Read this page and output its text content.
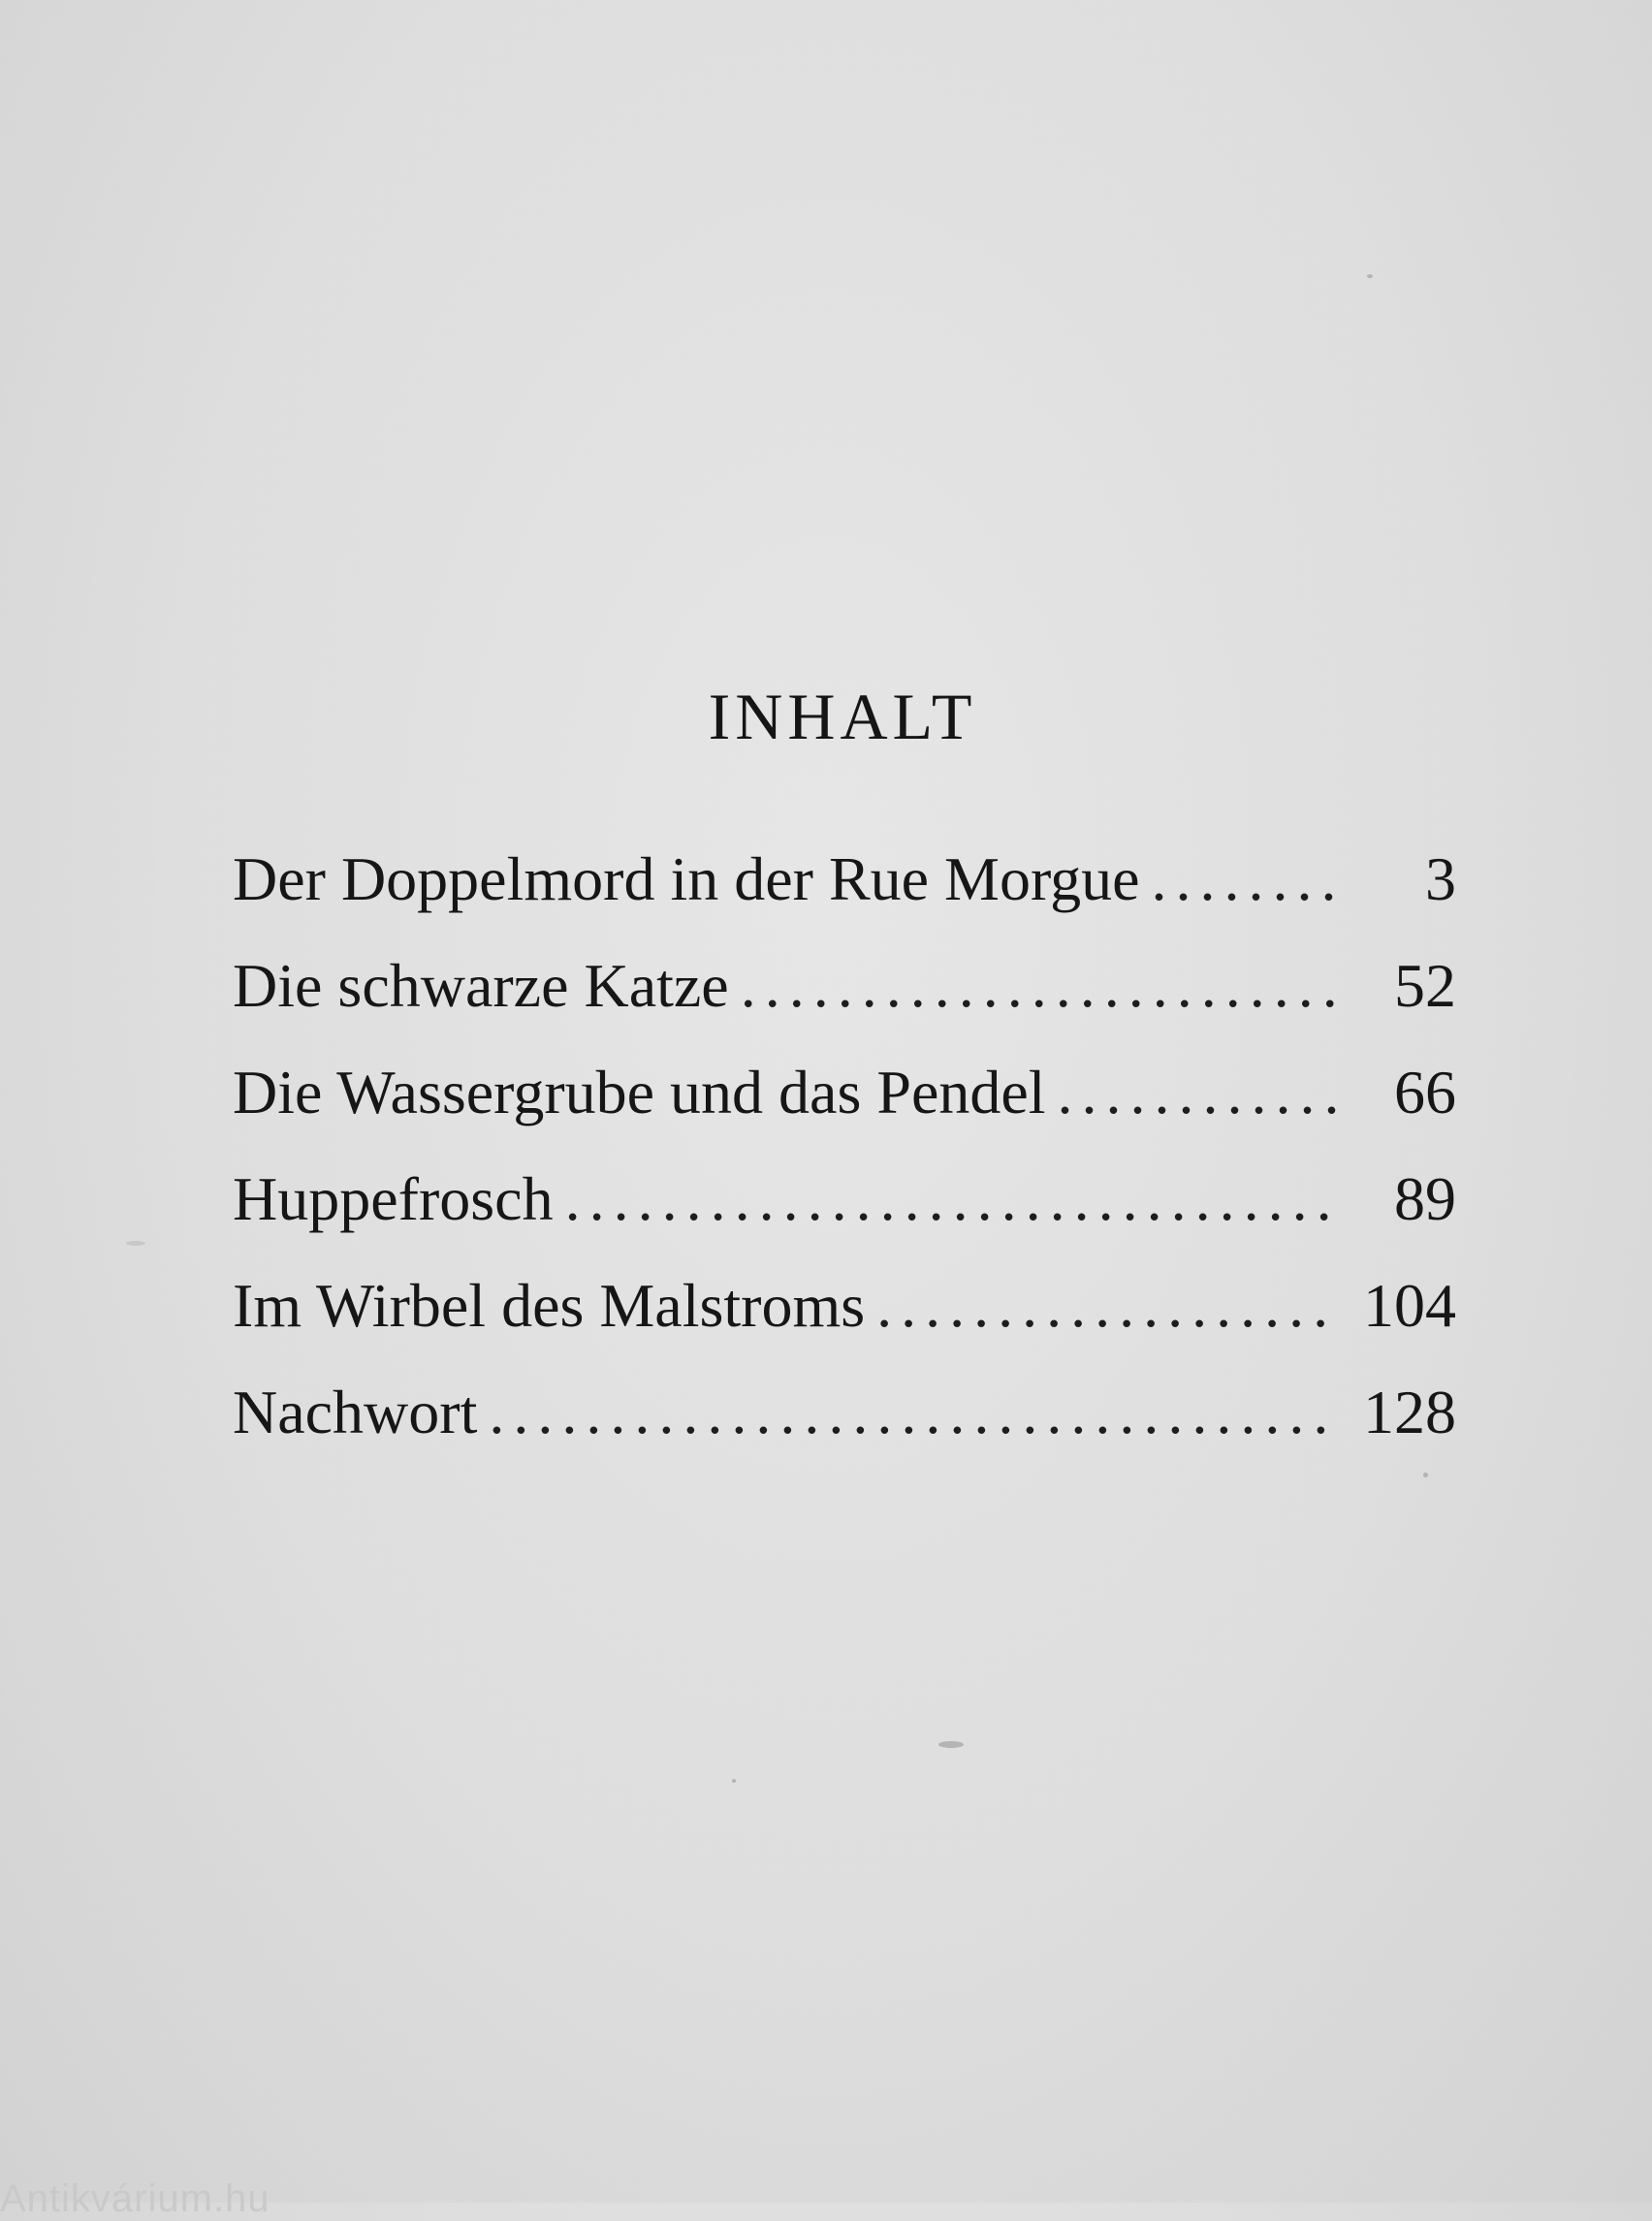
INHALT
Der Doppelmord in der Rue Morgue .....	3
Die schwarze Katze .....	52
Die Wassergrube und das Pendel .....	66
Huppefrosch .....	89
Im Wirbel des Malstroms .....	104
Nachwort .....	128
Antikvárium.hu
